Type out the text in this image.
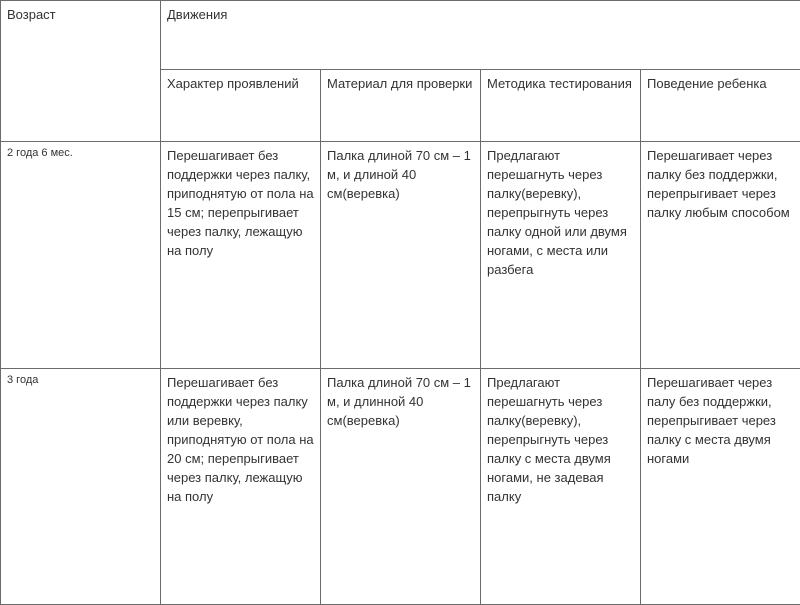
Возраст	Движения			
	Характер проявлений	Материал для проверки	Методика тестирования	Поведение ребенка
2 года 6 мес.	Перешагивает без поддержки через палку, приподнятую от пола на 15 см; перепрыгивает через палку, лежащую на полу	Палка длиной 70 см – 1 м, и длиной 40 см(веревка)	Предлагают перешагнуть через палку(веревку), перепрыгнуть через палку одной или двумя ногами, с места или разбега	Перешагивает через палку без поддержки, перепрыгивает через палку любым способом
3 года	Перешагивает без поддержки через палку или веревку, приподнятую от пола на 20 см; перепрыгивает через палку, лежащую на полу	Палка длиной 70 см – 1 м, и длинной 40 см(веревка)	Предлагают перешагнуть через палку(веревку), перепрыгнуть через палку с места двумя ногами, не задевая палку	Перешагивает через палу без поддержки, перепрыгивает через палку с места двумя ногами
